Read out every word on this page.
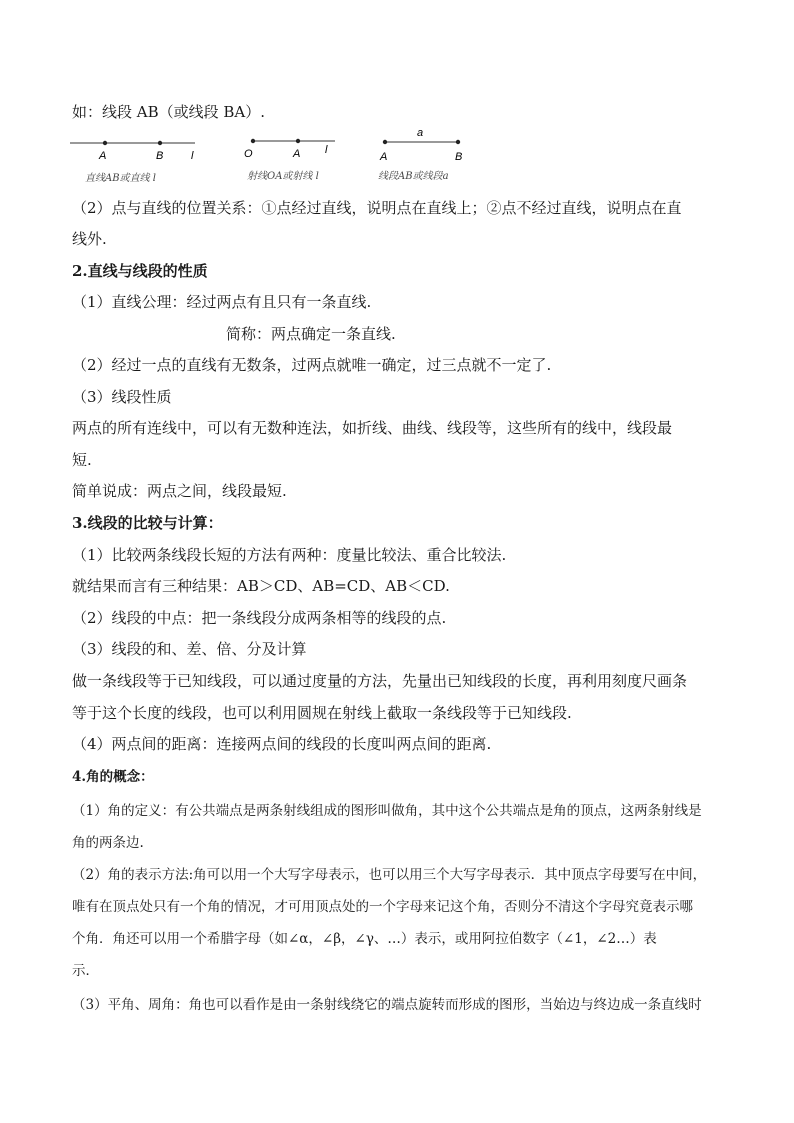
如：线段 AB（或线段 BA）.
A	B	l
直线AB或直线 l
O	A l
射线OA或射线 l
a
A	B
线段AB或线段a
（2）点与直线的位置关系：①点经过直线，说明点在直线上；②点不经过直线，说明点在直
线外.
2.直线与线段的性质
（1）直线公理：经过两点有且只有一条直线.
简称：两点确定一条直线.
（2）经过一点的直线有无数条，过两点就唯一确定，过三点就不一定了.
（3）线段性质
两点的所有连线中，可以有无数种连法，如折线、曲线、线段等，这些所有的线中，线段最
短.
简单说成：两点之间，线段最短.
3.线段的比较与计算：
（1）比较两条线段长短的方法有两种：度量比较法、重合比较法.
就结果而言有三种结果：AB＞CD、AB=CD、AB＜CD.
（2）线段的中点：把一条线段分成两条相等的线段的点.
（3）线段的和、差、倍、分及计算
做一条线段等于已知线段，可以通过度量的方法，先量出已知线段的长度，再利用刻度尺画条
等于这个长度的线段，也可以利用圆规在射线上截取一条线段等于已知线段.
（4）两点间的距离：连接两点间的线段的长度叫两点间的距离.
4.角的概念：
（1）角的定义：有公共端点是两条射线组成的图形叫做角，其中这个公共端点是角的顶点，这两条射线是
角的两条边.
（2）角的表示方法:角可以用一个大写字母表示，也可以用三个大写字母表示．其中顶点字母要写在中间，
唯有在顶点处只有一个角的情况，才可用顶点处的一个字母来记这个角，否则分不清这个字母究竟表示哪
个角．角还可以用一个希腊字母（如∠α，∠β，∠γ、…）表示，或用阿拉伯数字（∠1，∠2…）表
示．
（3）平角、周角：角也可以看作是由一条射线绕它的端点旋转而形成的图形，当始边与终边成一条直线时
